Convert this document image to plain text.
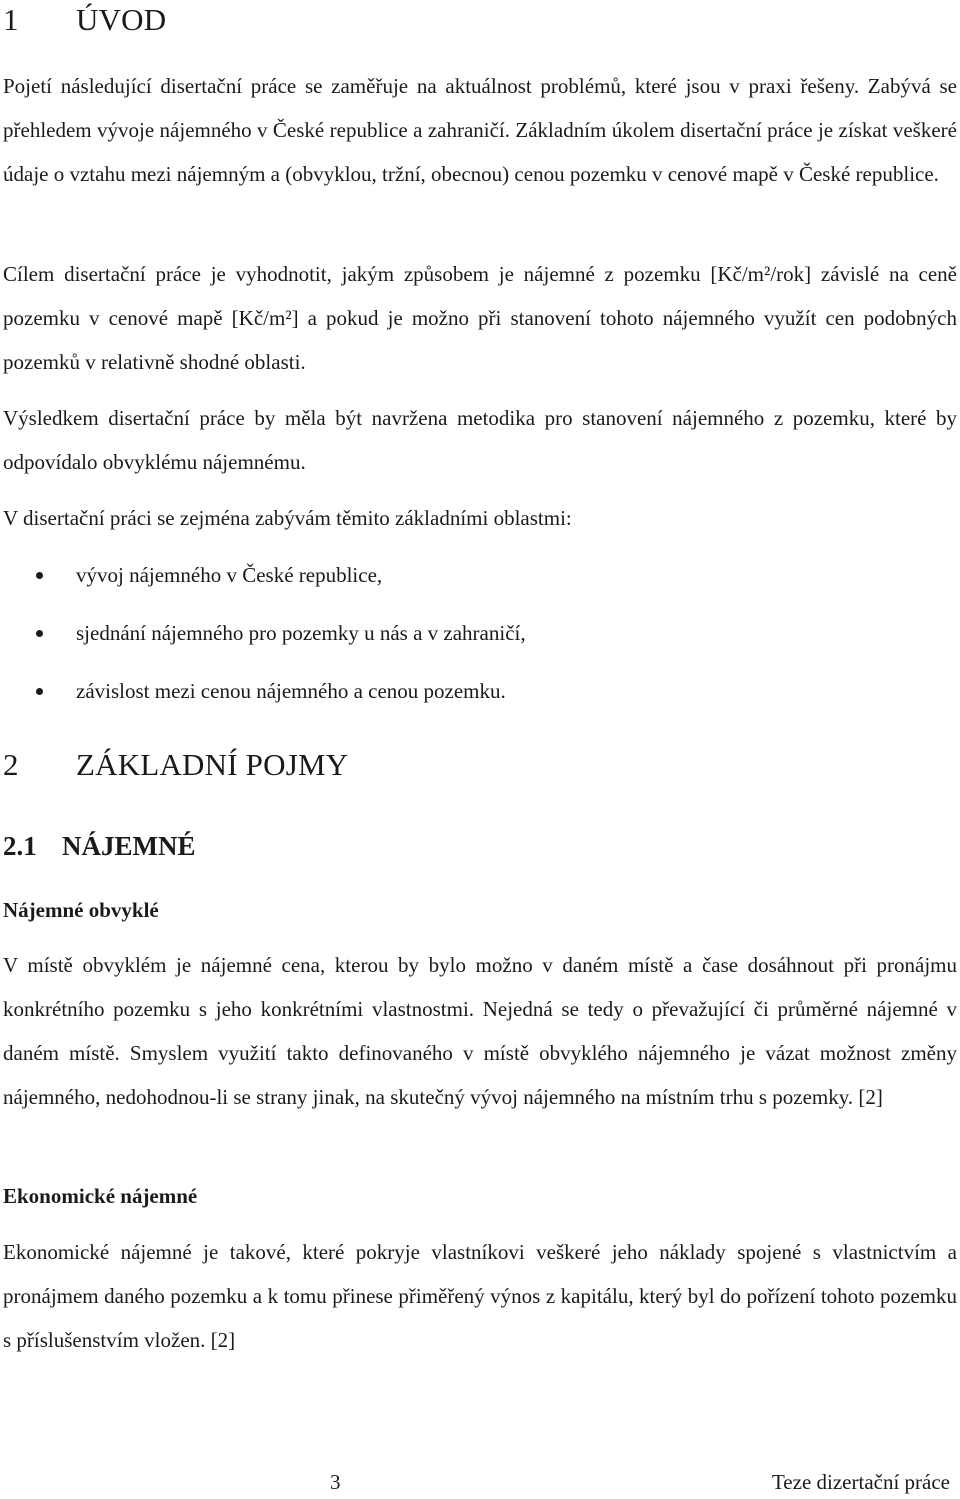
1 ÚVOD

Pojetí následující disertační práce se zaměřuje na aktuálnost problémů, které jsou v praxi řešeny. Zabývá se přehledem vývoje nájemného v České republice a zahraničí. Základním úkolem disertační práce je získat veškeré údaje o vztahu mezi nájemným a (obvyklou, tržní, obecnou) cenou pozemku v cenové mapě v České republice.

Cílem disertační práce je vyhodnotit, jakým způsobem je nájemné z pozemku [Kč/m²/rok] závislé na ceně pozemku v cenové mapě [Kč/m²] a pokud je možno při stanovení tohoto nájemného využít cen podobných pozemků v relativně shodné oblasti.

Výsledkem disertační práce by měla být navržena metodika pro stanovení nájemného z pozemku, které by odpovídalo obvyklému nájemnému.

V disertační práci se zejména zabývám těmito základními oblastmi:

vývoj nájemného v České republice,
sjednání nájemného pro pozemky u nás a v zahraničí,
závislost mezi cenou nájemného a cenou pozemku.
2 ZÁKLADNÍ POJMY
2.1 NÁJEMNÉ
Nájemné obvyklé

V místě obvyklém je nájemné cena, kterou by bylo možno v daném místě a čase dosáhnout při pronájmu konkrétního pozemku s jeho konkrétními vlastnostmi. Nejedná se tedy o převažující či průměrné nájemné v daném místě. Smyslem využití takto definovaného v místě obvyklého nájemného je vázat možnost změny nájemného, nedohodnou-li se strany jinak, na skutečný vývoj nájemného na místním trhu s pozemky. [2]

Ekonomické nájemné

Ekonomické nájemné je takové, které pokryje vlastníkovi veškeré jeho náklady spojené s vlastnictvím a pronájmem daného pozemku a k tomu přinese přiměřený výnos z kapitálu, který byl do pořízení tohoto pozemku s příslušenstvím vložen. [2]

3	Teze dizertační práce
